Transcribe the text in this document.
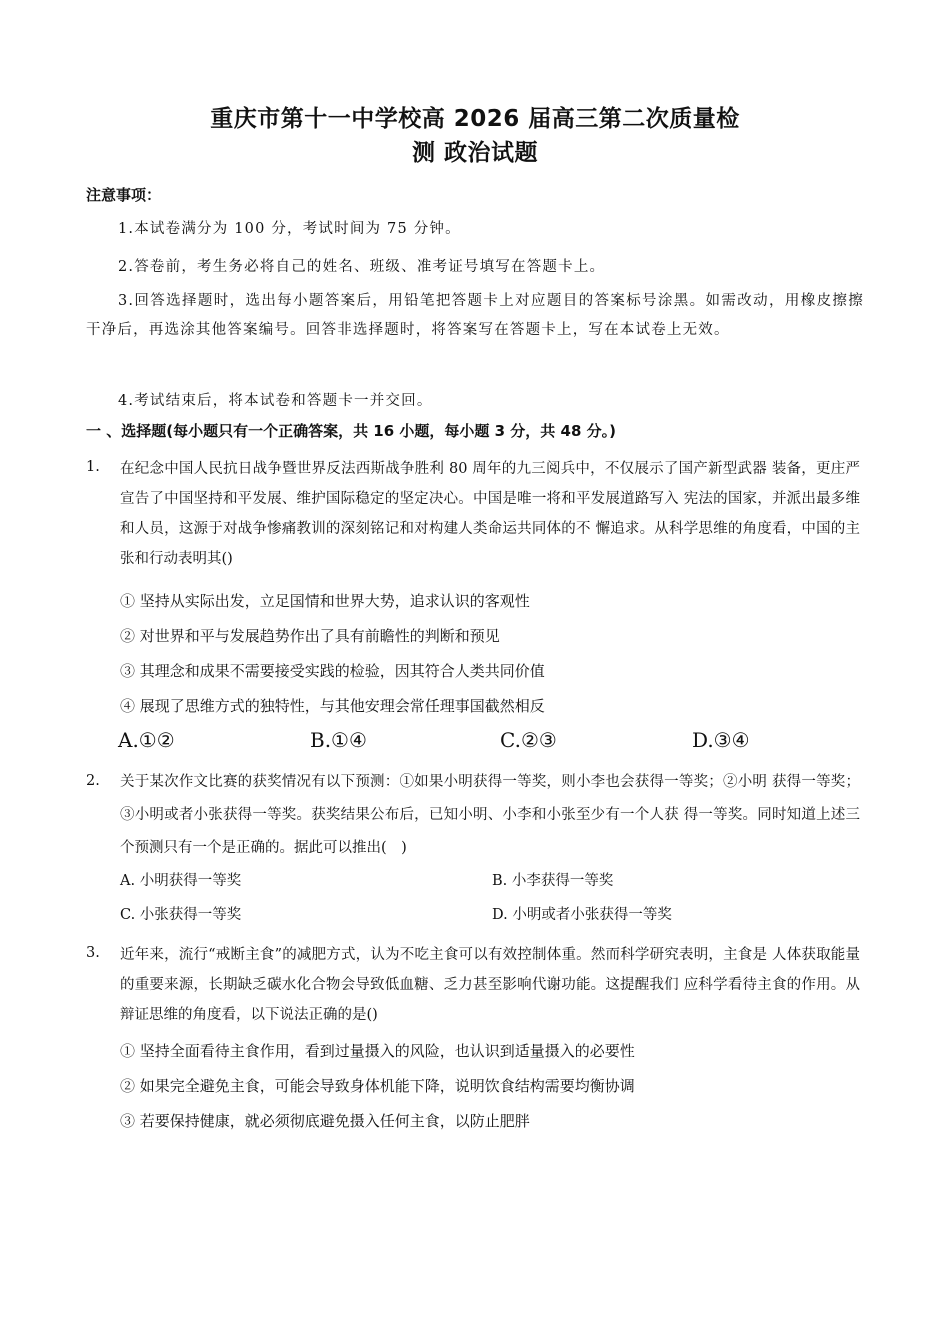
重庆市第十一中学校高 2026 届高三第二次质量检
测 政治试题
注意事项：
1.本试卷满分为 100 分，考试时间为 75 分钟。
2.答卷前，考生务必将自己的姓名、班级、准考证号填写在答题卡上。
3.回答选择题时，选出每小题答案后，用铅笔把答题卡上对应题目的答案标号涂黑。如需改动，用橡皮擦擦干净后，再选涂其他答案编号。回答非选择题时，将答案写在答题卡上，写在本试卷上无效。
4.考试结束后，将本试卷和答题卡一并交回。
一 、选择题(每小题只有一个正确答案，共 16 小题，每小题 3 分，共 48 分。)
1. 在纪念中国人民抗日战争暨世界反法西斯战争胜利 80 周年的九三阅兵中，不仅展示了国产新型武器 装备，更庄严宣告了中国坚持和平发展、维护国际稳定的坚定决心。中国是唯一将和平发展道路写入 宪法的国家，并派出最多维和人员，这源于对战争惨痛教训的深刻铭记和对构建人类命运共同体的不 懈追求。从科学思维的角度看，中国的主张和行动表明其()
① 坚持从实际出发，立足国情和世界大势，追求认识的客观性
② 对世界和平与发展趋势作出了具有前瞻性的判断和预见
③ 其理念和成果不需要接受实践的检验，因其符合人类共同价值
④ 展现了思维方式的独特性，与其他安理会常任理事国截然相反
A.①②	B.①④	C.②③	D.③④
2. 关于某次作文比赛的获奖情况有以下预测：①如果小明获得一等奖，则小李也会获得一等奖；②小明 获得一等奖；③小明或者小张获得一等奖。获奖结果公布后，已知小明、小李和小张至少有一个人获 得一等奖。同时知道上述三个预测只有一个是正确的。据此可以推出(　)
A. 小明获得一等奖	B. 小李获得一等奖
C. 小张获得一等奖	D. 小明或者小张获得一等奖
3. 近年来，流行“戒断主食”的减肥方式，认为不吃主食可以有效控制体重。然而科学研究表明，主食是 人体获取能量的重要来源，长期缺乏碳水化合物会导致低血糖、乏力甚至影响代谢功能。这提醒我们 应科学看待主食的作用。从辩证思维的角度看，以下说法正确的是()
① 坚持全面看待主食作用，看到过量摄入的风险，也认识到适量摄入的必要性
② 如果完全避免主食，可能会导致身体机能下降，说明饮食结构需要均衡协调
③ 若要保持健康，就必须彻底避免摄入任何主食，以防止肥胖
